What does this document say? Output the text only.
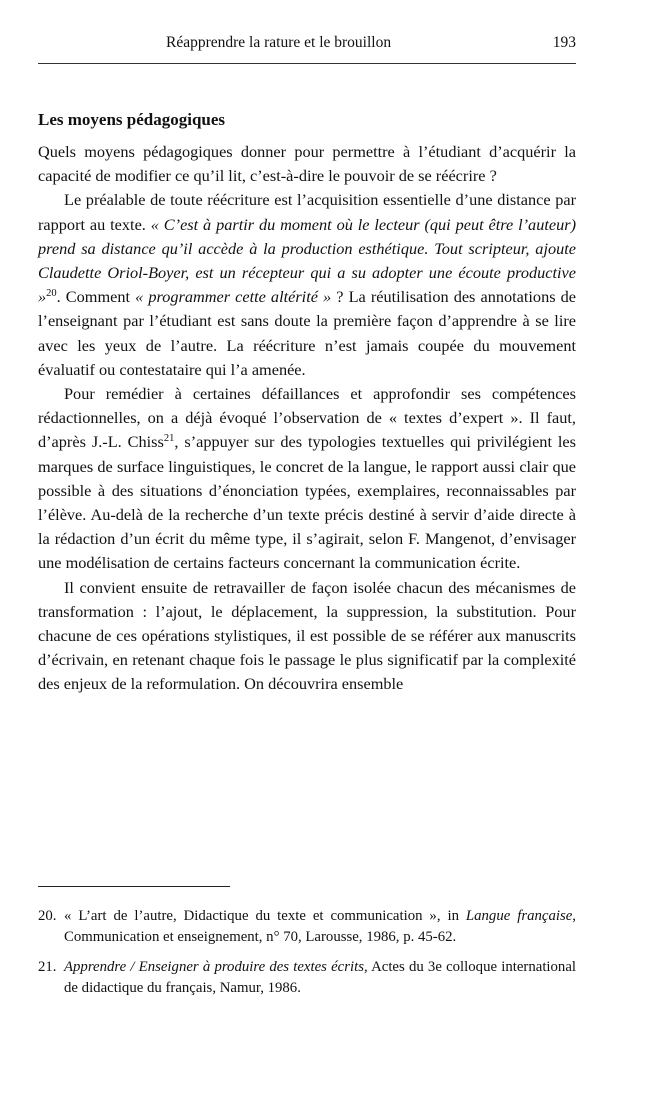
Réapprendre la rature et le brouillon	193
Les moyens pédagogiques

Quels moyens pédagogiques donner pour permettre à l’étudiant d’acquérir la capacité de modifier ce qu’il lit, c’est-à-dire le pouvoir de se réécrire ?

Le préalable de toute réécriture est l’acquisition essentielle d’une distance par rapport au texte. « C’est à partir du moment où le lecteur (qui peut être l’auteur) prend sa distance qu’il accède à la production esthétique. Tout scripteur, ajoute Claudette Oriol-Boyer, est un récepteur qui a su adopter une écoute productive »$^{20}$. Comment « programmer cette altérité » ? La réutilisation des annotations de l’enseignant par l’étudiant est sans doute la première façon d’apprendre à se lire avec les yeux de l’autre. La réécriture n’est jamais coupée du mouvement évaluatif ou contestataire qui l’a amenée.

Pour remédier à certaines défaillances et approfondir ses compétences rédactionnelles, on a déjà évoqué l’observation de « textes d’expert ». Il faut, d’après J.-L. Chiss$^{21}$, s’appuyer sur des typologies textuelles qui privilégient les marques de surface linguistiques, le concret de la langue, le rapport aussi clair que possible à des situations d’énonciation typées, exemplaires, reconnaissables par l’élève. Au-delà de la recherche d’un texte précis destiné à servir d’aide directe à la rédaction d’un écrit du même type, il s’agirait, selon F. Mangenot, d’envisager une modélisation de certains facteurs concernant la communication écrite.

Il convient ensuite de retravailler de façon isolée chacun des mécanismes de transformation : l’ajout, le déplacement, la suppression, la substitution. Pour chacune de ces opérations stylistiques, il est possible de se référer aux manuscrits d’écrivain, en retenant chaque fois le passage le plus significatif par la complexité des enjeux de la reformulation. On découvrira ensemble

20. « L’art de l’autre, Didactique du texte et communication », in Langue française, Communication et enseignement, n° 70, Larousse, 1986, p. 45-62.
21. Apprendre / Enseigner à produire des textes écrits, Actes du 3e colloque international de didactique du français, Namur, 1986.
